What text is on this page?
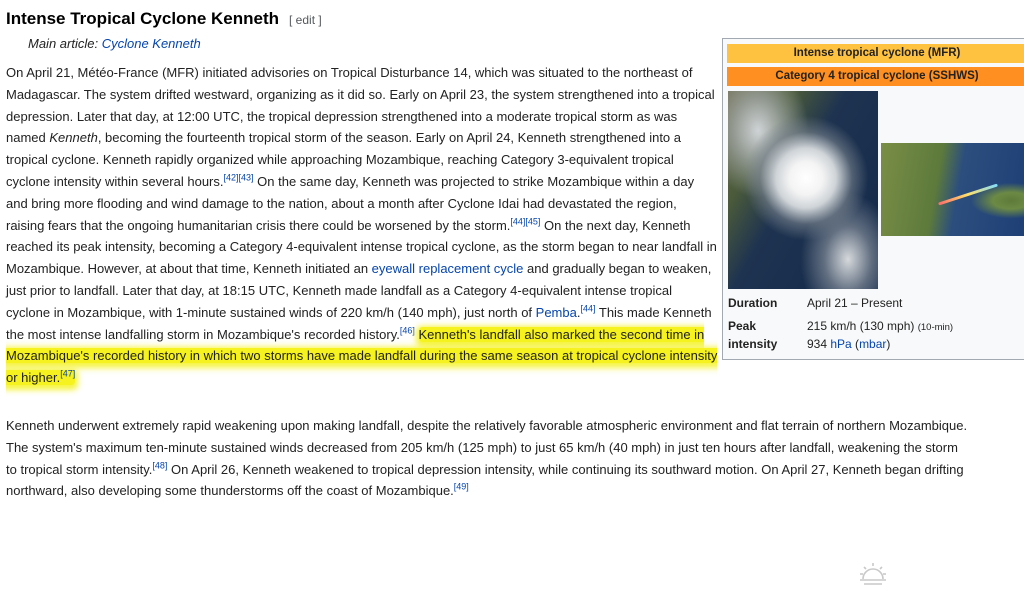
Intense Tropical Cyclone Kenneth [ edit ]
Main article: Cyclone Kenneth
On April 21, Météo-France (MFR) initiated advisories on Tropical Disturbance 14, which was situated to the northeast of Madagascar. The system drifted westward, organizing as it did so. Early on April 23, the system strengthened into a tropical depression. Later that day, at 12:00 UTC, the tropical depression strengthened into a moderate tropical storm as was named Kenneth, becoming the fourteenth tropical storm of the season. Early on April 24, Kenneth strengthened into a tropical cyclone. Kenneth rapidly organized while approaching Mozambique, reaching Category 3-equivalent tropical cyclone intensity within several hours.[42][43] On the same day, Kenneth was projected to strike Mozambique within a day and bring more flooding and wind damage to the nation, about a month after Cyclone Idai had devastated the region, raising fears that the ongoing humanitarian crisis there could be worsened by the storm.[44][45] On the next day, Kenneth reached its peak intensity, becoming a Category 4-equivalent intense tropical cyclone, as the storm began to near landfall in Mozambique. However, at about that time, Kenneth initiated an eyewall replacement cycle and gradually began to weaken, just prior to landfall. Later that day, at 18:15 UTC, Kenneth made landfall as a Category 4-equivalent intense tropical cyclone in Mozambique, with 1-minute sustained winds of 220 km/h (140 mph), just north of Pemba.[44] This made Kenneth the most intense landfalling storm in Mozambique's recorded history.[46] Kenneth's landfall also marked the second time in Mozambique's recorded history in which two storms have made landfall during the same season at tropical cyclone intensity or higher.[47]
Kenneth underwent extremely rapid weakening upon making landfall, despite the relatively favorable atmospheric environment and flat terrain of northern Mozambique.
The system's maximum ten-minute sustained winds decreased from 205 km/h (125 mph) to just 65 km/h (40 mph) in just ten hours after landfall, weakening the storm
to tropical storm intensity.[48] On April 26, Kenneth weakened to tropical depression intensity, while continuing its southward motion. On April 27, Kenneth began drifting
northward, also developing some thunderstorms off the coast of Mozambique.[49]
Intense tropical cyclone (MFR)
Category 4 tropical cyclone (SSHWS)
Duration April 21 – Present
Peak
intensity
215 km/h (130 mph) (10-min)
934 hPa (mbar)
